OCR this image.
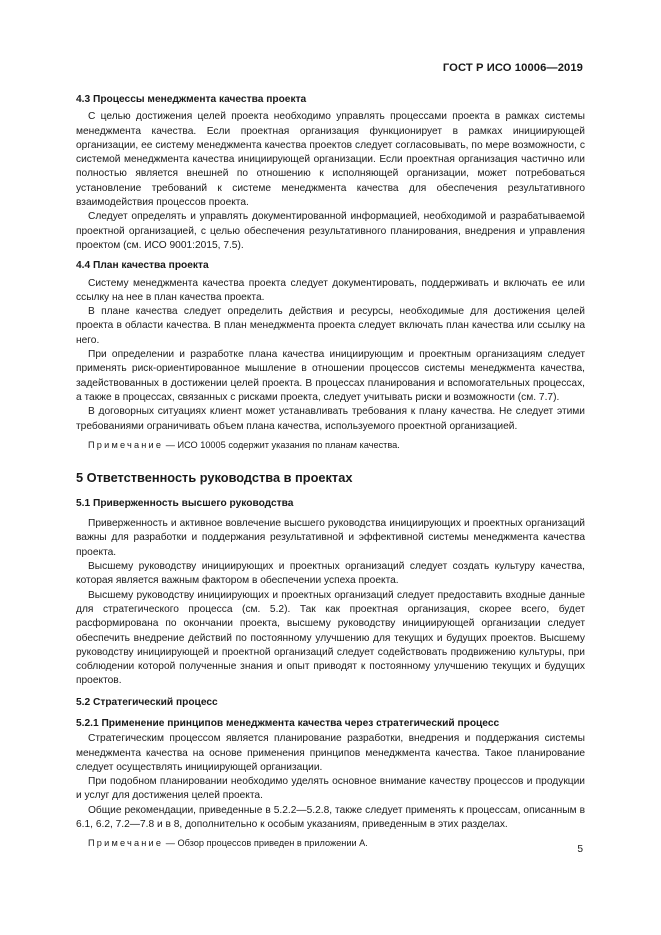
ГОСТ Р ИСО 10006—2019
4.3 Процессы менеджмента качества проекта

С целью достижения целей проекта необходимо управлять процессами проекта в рамках системы менеджмента качества. Если проектная организация функционирует в рамках инициирующей организации, ее систему менеджмента качества проектов следует согласовывать, по мере возможности, с системой менеджмента качества инициирующей организации. Если проектная организация частично или полностью является внешней по отношению к исполняющей организации, может потребоваться установление требований к системе менеджмента качества для обеспечения результативного взаимодействия процессов проекта.

Следует определять и управлять документированной информацией, необходимой и разрабатываемой проектной организацией, с целью обеспечения результативного планирования, внедрения и управления проектом (см. ИСО 9001:2015, 7.5).

4.4 План качества проекта

Систему менеджмента качества проекта следует документировать, поддерживать и включать ее или ссылку на нее в план качества проекта.

В плане качества следует определить действия и ресурсы, необходимые для достижения целей проекта в области качества. В план менеджмента проекта следует включать план качества или ссылку на него.

При определении и разработке плана качества инициирующим и проектным организациям следует применять риск-ориентированное мышление в отношении процессов системы менеджмента качества, задействованных в достижении целей проекта. В процессах планирования и вспомогательных процессах, а также в процессах, связанных с рисками проекта, следует учитывать риски и возможности (см. 7.7).

В договорных ситуациях клиент может устанавливать требования к плану качества. Не следует этими требованиями ограничивать объем плана качества, используемого проектной организацией.

Примечание — ИСО 10005 содержит указания по планам качества.
5 Ответственность руководства в проектах
5.1 Приверженность высшего руководства

Приверженность и активное вовлечение высшего руководства инициирующих и проектных организаций важны для разработки и поддержания результативной и эффективной системы менеджмента качества проекта.

Высшему руководству инициирующих и проектных организаций следует создать культуру качества, которая является важным фактором в обеспечении успеха проекта.

Высшему руководству инициирующих и проектных организаций следует предоставить входные данные для стратегического процесса (см. 5.2). Так как проектная организация, скорее всего, будет расформирована по окончании проекта, высшему руководству инициирующей организации следует обеспечить внедрение действий по постоянному улучшению для текущих и будущих проектов. Высшему руководству инициирующей и проектной организаций следует содействовать продвижению культуры, при соблюдении которой полученные знания и опыт приводят к постоянному улучшению текущих и будущих проектов.

5.2 Стратегический процесс
5.2.1 Применение принципов менеджмента качества через стратегический процесс

Стратегическим процессом является планирование разработки, внедрения и поддержания системы менеджмента качества на основе применения принципов менеджмента качества. Такое планирование следует осуществлять инициирующей организации.

При подобном планировании необходимо уделять основное внимание качеству процессов и продукции и услуг для достижения целей проекта.

Общие рекомендации, приведенные в 5.2.2—5.2.8, также следует применять к процессам, описанным в 6.1, 6.2, 7.2—7.8 и в 8, дополнительно к особым указаниям, приведенным в этих разделах.

Примечание — Обзор процессов приведен в приложении А.
5
